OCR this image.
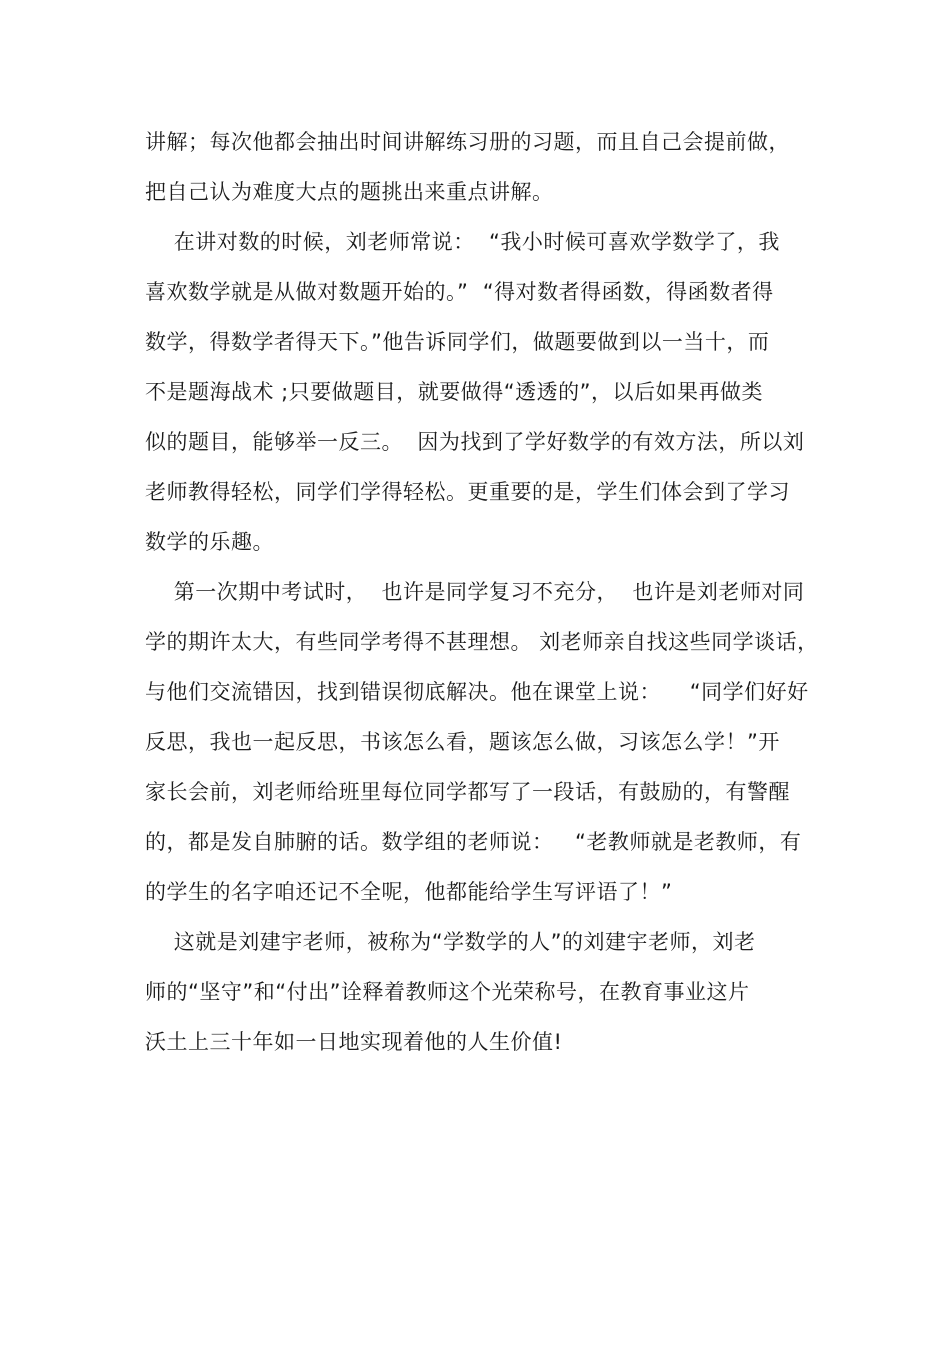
讲解；每次他都会抽出时间讲解练习册的习题，而且自己会提前做，
把自己认为难度大点的题挑出来重点讲解。
在讲对数的时候，刘老师常说：  “我小时候可喜欢学数学了，我
喜欢数学就是从做对数题开始的。”  “得对数者得函数，得函数者得
数学，得数学者得天下。”他告诉同学们，做题要做到以一当十，而
不是题海战术 ;只要做题目，就要做得“透透的”，以后如果再做类
似的题目，能够举一反三。  因为找到了学好数学的有效方法，所以刘
老师教得轻松，同学们学得轻松。更重要的是，学生们体会到了学习
数学的乐趣。
第一次期中考试时，  也许是同学复习不充分，  也许是刘老师对同
学的期许太大，有些同学考得不甚理想。 刘老师亲自找这些同学谈话，
与他们交流错因，找到错误彻底解决。他在课堂上说：    “同学们好好
反思，我也一起反思，书该怎么看，题该怎么做，习该怎么学！”开
家长会前，刘老师给班里每位同学都写了一段话，有鼓励的，有警醒
的，都是发自肺腑的话。数学组的老师说：   “老教师就是老教师，有
的学生的名字咱还记不全呢，他都能给学生写评语了！”
这就是刘建宇老师，被称为“学数学的人”的刘建宇老师，刘老
师的“坚守”和“付出”诠释着教师这个光荣称号，在教育事业这片
沃土上三十年如一日地实现着他的人生价值!
